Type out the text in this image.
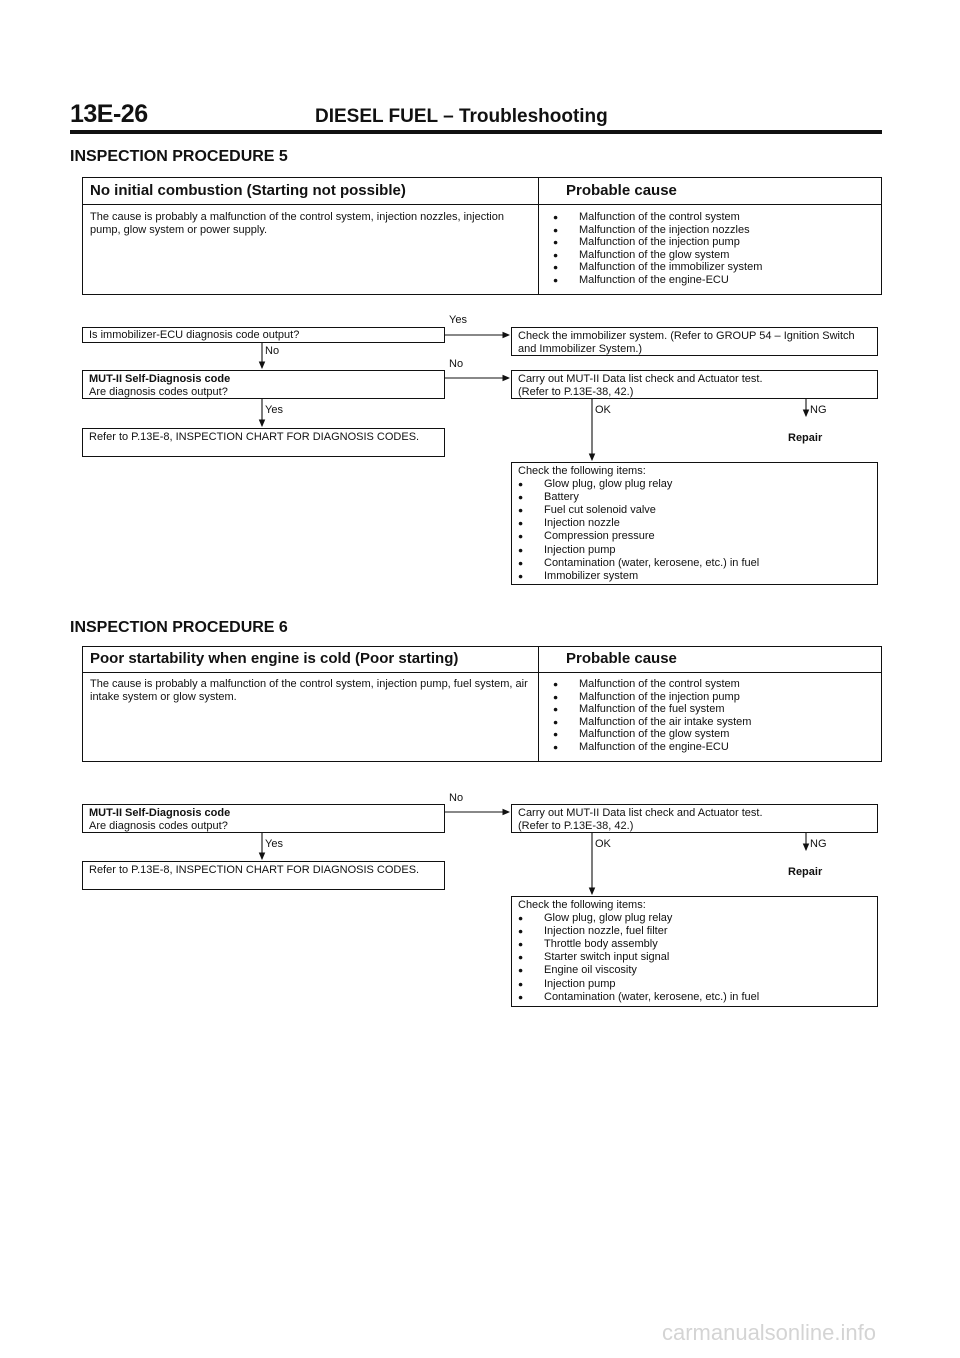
13E-26	DIESEL FUEL – Troubleshooting
INSPECTION PROCEDURE 5
No initial combustion (Starting not possible)	Probable cause
The cause is probably a malfunction of the control system, injection nozzles, injection pump, glow system or power supply.
● Malfunction of the control system
● Malfunction of the injection nozzles
● Malfunction of the injection pump
● Malfunction of the glow system
● Malfunction of the immobilizer system
● Malfunction of the engine-ECU
Is immobilizer-ECU diagnosis code output?	Check the immobilizer system. (Refer to GROUP 54 – Ignition Switch and Immobilizer System.)
MUT-II Self-Diagnosis code
Are diagnosis codes output?
Carry out MUT-II Data list check and Actuator test.
(Refer to P.13E-38, 42.)
Refer to P.13E-8, INSPECTION CHART FOR DIAGNOSIS CODES.
Check the following items:
● Glow plug, glow plug relay
● Battery
● Fuel cut solenoid valve
● Injection nozzle
● Compression pressure
● Injection pump
● Contamination (water, kerosene, etc.) in fuel
● Immobilizer system
Yes
No
No
Yes	OK	NG
Repair
INSPECTION PROCEDURE 6
Poor startability when engine is cold (Poor starting)	Probable cause
The cause is probably a malfunction of the control system, injection pump, fuel system, air intake system or glow system.
● Malfunction of the control system
● Malfunction of the injection pump
● Malfunction of the fuel system
● Malfunction of the air intake system
● Malfunction of the glow system
● Malfunction of the engine-ECU
MUT-II Self-Diagnosis code
Are diagnosis codes output?
Carry out MUT-II Data list check and Actuator test.
(Refer to P.13E-38, 42.)
Refer to P.13E-8, INSPECTION CHART FOR DIAGNOSIS CODES.
Check the following items:
● Glow plug, glow plug relay
● Injection nozzle, fuel filter
● Throttle body assembly
● Starter switch input signal
● Engine oil viscosity
● Injection pump
● Contamination (water, kerosene, etc.) in fuel
No
Yes	OK	NG
Repair
carmanualsonline.info
